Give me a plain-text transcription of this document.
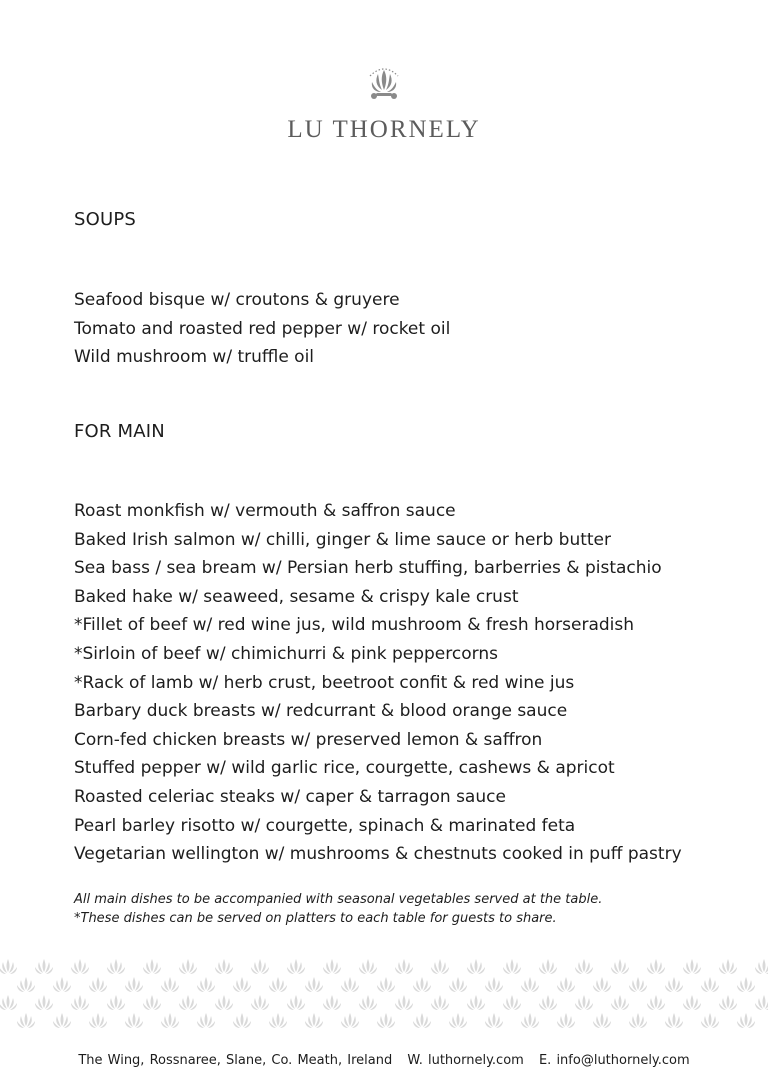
LU THORNELY
SOUPS
Seafood bisque w/ croutons & gruyere
Tomato and roasted red pepper w/ rocket oil
Wild mushroom w/ truffle oil
FOR MAIN
Roast monkfish w/ vermouth & saffron sauce
Baked Irish salmon w/ chilli, ginger & lime sauce or herb butter
Sea bass / sea bream w/ Persian herb stuffing, barberries & pistachio
Baked hake w/ seaweed, sesame & crispy kale crust
*Fillet of beef w/ red wine jus, wild mushroom & fresh horseradish
*Sirloin of beef w/ chimichurri & pink peppercorns
*Rack of lamb w/ herb crust, beetroot confit & red wine jus
Barbary duck breasts w/ redcurrant & blood orange sauce
Corn-fed chicken breasts w/ preserved lemon & saffron
Stuffed pepper w/ wild garlic rice, courgette, cashews & apricot
Roasted celeriac steaks w/ caper & tarragon sauce
Pearl barley risotto w/ courgette, spinach & marinated feta
Vegetarian wellington w/ mushrooms & chestnuts cooked in puff pastry
All main dishes to be accompanied with seasonal vegetables served at the table.
*These dishes can be served on platters to each table for guests to share.
The Wing, Rossnaree, Slane, Co. Meath, Ireland W. luthornely.com E. info@luthornely.com
